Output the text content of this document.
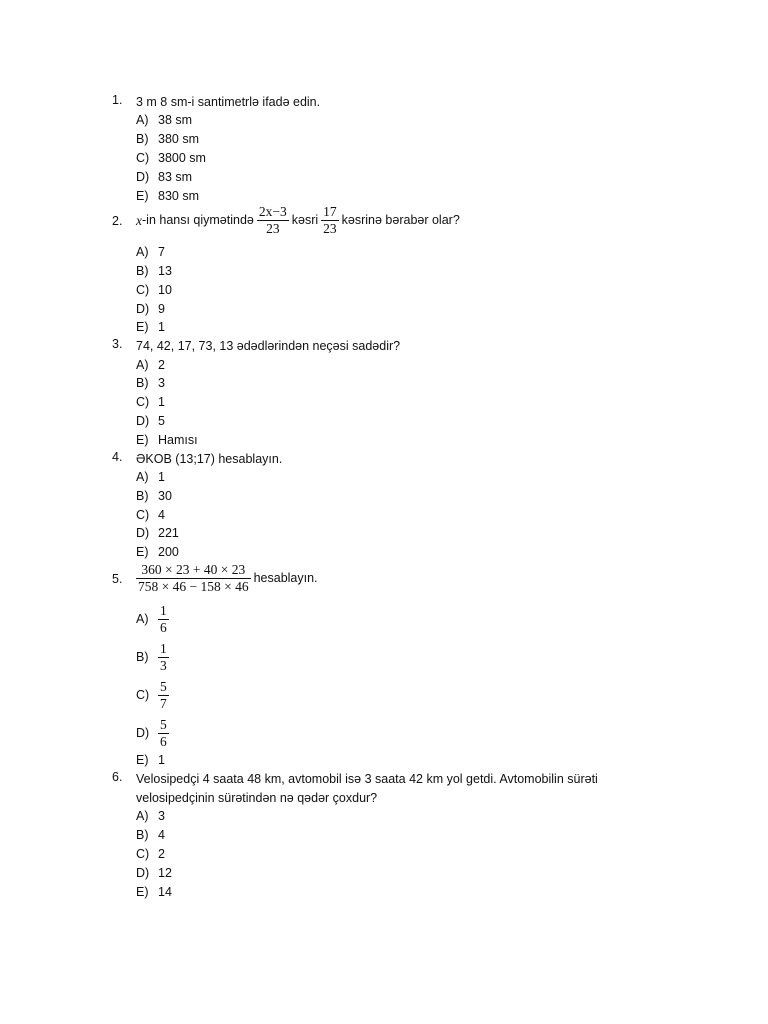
1.	3 m 8 sm-i santimetrlə ifadə edin.
A) 38 sm
B) 380 sm
C) 3800 sm
D) 83 sm
E) 830 sm
2.	x -in hansı qiymətində $\frac{2x-3}{23}$ kəsri $\frac{17}{23}$ kəsrinə bərabər olar?
A) 7
B) 13
C) 10
D) 9
E) 1
3.	74, 42, 17, 73, 13 ədədlərindən neçəsi sadədir?
A) 2
B) 3
C) 1
D) 5
E) Hamısı
4.	ƏKOB (13;17) hesablayın.
A) 1
B) 30
C) 4
D) 221
E) 200
5.	$\frac{360 \times 23 + 40 \times 23}{758 \times 46 - 158 \times 46}$ hesablayın.
$A) \frac{1}{6}$
$B) \frac{1}{3}$
$C) \frac{5}{7}$
$D) \frac{5}{6}$
E) 1
6.	Velosipedçi 4 saata 48 km, avtomobil isə 3 saata 42 km yol getdi. Avtomobilin sürəti
velosipedçinin sürətindən nə qədər çoxdur?
A) 3
B) 4
C) 2
D) 12
E) 14
